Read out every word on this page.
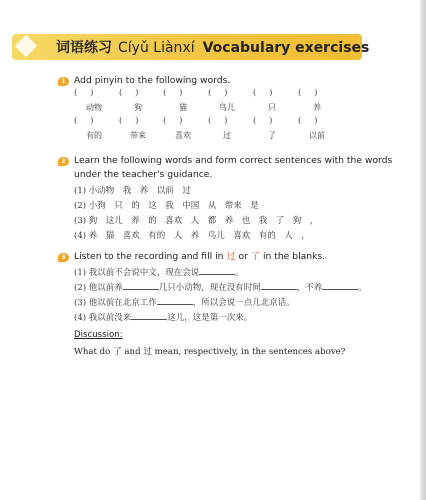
词语练习 Cíyǔ Liànxí Vocabulary exercises
1 Add pinyin to the following words.
(  )	(  )	(  )	(  )	(  )	(  )
动物	狗	猫	鸟儿	只	养
(  )	(  )	(  )	(  )	(  )	(  )
有的	带来	喜欢	过	了	以前
2 Learn the following words and form correct sentences with the words under the teacher's guidance.
(1) 小动物　我　养　以前　过
(2) 小狗　只　的　这　我　中国　从　带来　是
(3) 狗　这儿　养　的　喜欢　人　都　养　也　我　了　狗　，
(4) 养　猫　喜欢　有的　人　养　鸟儿　喜欢　有的　人　，
3 Listen to the recording and fill in 过 or 了 in the blanks.
(1) 我以前不会说中文，现在会说	。
(2) 他以前养	几只小动物，现在没有时间	，不养	。
(3) 他以前在北京工作	，所以会说一点儿北京话。
(4) 我以前没来	这儿，这是第一次来。
Discussion:
What do 了 and 过 mean, respectively, in the sentences above?
